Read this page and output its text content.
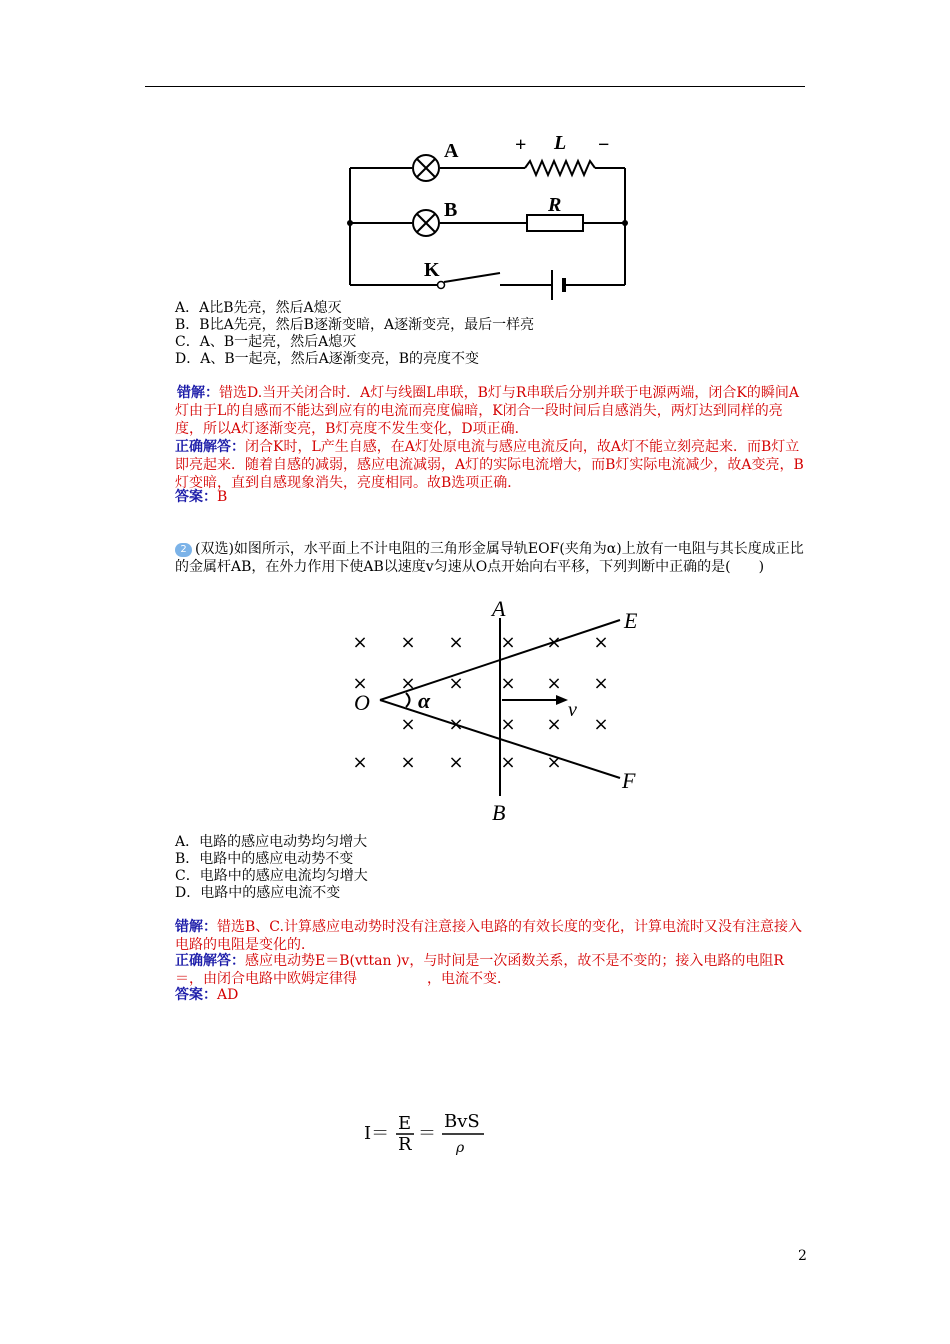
A
B
+ L −
R
K
A．A比B先亮，然后A熄灭
B．B比A先亮，然后B逐渐变暗，A逐渐变亮，最后一样亮
C．A、B一起亮，然后A熄灭
D．A、B一起亮，然后A逐渐变亮，B的亮度不变
错解：错选D.当开关闭合时．A灯与线圈L串联，B灯与R串联后分别并联于电源两端，闭合K的瞬间A灯由于L的自感而不能达到应有的电流而亮度偏暗，K闭合一段时间后自感消失，两灯达到同样的亮度，所以A灯逐渐变亮，B灯亮度不发生变化，D项正确．
正确解答：闭合K时，L产生自感，在A灯处原电流与感应电流反向，故A灯不能立刻亮起来．而B灯立即亮起来．随着自感的减弱，感应电流减弱，A灯的实际电流增大，而B灯实际电流减少，故A变亮，B灯变暗，直到自感现象消失，亮度相同。故B选项正确．
答案：B
2 (双选)如图所示，水平面上不计电阻的三角形金属导轨EOF(夹角为α)上放有一电阻与其长度成正比的金属杆AB，在外力作用下使AB以速度v匀速从O点开始向右平移，下列判断中正确的是(　　)
× × × × × ×
× × × × × ×
× × × × ×
× × × × ×
A
B
O
E
F
α	v
A．电路的感应电动势均匀增大
B．电路中的感应电动势不变
C．电路中的感应电流均匀增大
D．电路中的感应电流不变
错解：错选B、C.计算感应电动势时没有注意接入电路的有效长度的变化，计算电流时又没有注意接入电路的电阻是变化的．
正确解答：感应电动势E＝B(vttan )v，与时间是一次函数关系，故不是不变的；接入电路的电阻R＝，由闭合电路中欧姆定律得　　　　　，电流不变．
答案：AD
I＝ E
R
＝
BvS
ρ
2
